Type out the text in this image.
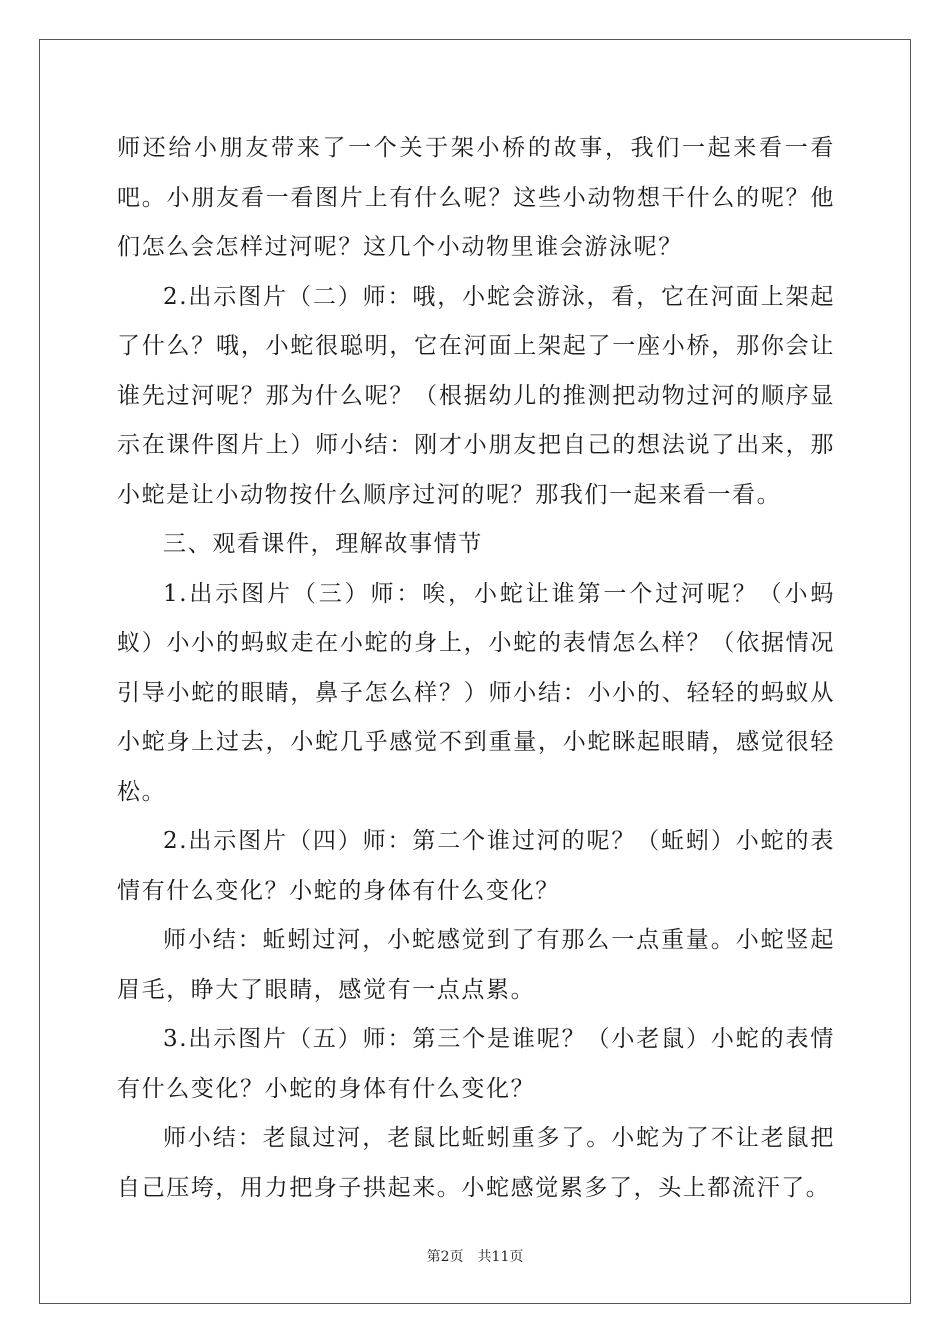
师还给小朋友带来了一个关于架小桥的故事，我们一起来看一看吧。小朋友看一看图片上有什么呢？这些小动物想干什么的呢？他们怎么会怎样过河呢？这几个小动物里谁会游泳呢？

2.出示图片（二）师：哦，小蛇会游泳，看，它在河面上架起了什么？哦，小蛇很聪明，它在河面上架起了一座小桥，那你会让谁先过河呢？那为什么呢？（根据幼儿的推测把动物过河的顺序显示在课件图片上）师小结：刚才小朋友把自己的想法说了出来，那小蛇是让小动物按什么顺序过河的呢？那我们一起来看一看。

三、观看课件，理解故事情节

1.出示图片（三）师：唉，小蛇让谁第一个过河呢？（小蚂蚁）小小的蚂蚁走在小蛇的身上，小蛇的表情怎么样？（依据情况引导小蛇的眼睛，鼻子怎么样？）师小结：小小的、轻轻的蚂蚁从小蛇身上过去，小蛇几乎感觉不到重量，小蛇眯起眼睛，感觉很轻松。

2.出示图片（四）师：第二个谁过河的呢？（蚯蚓）小蛇的表情有什么变化？小蛇的身体有什么变化？

师小结：蚯蚓过河，小蛇感觉到了有那么一点重量。小蛇竖起眉毛，睁大了眼睛，感觉有一点点累。

3.出示图片（五）师：第三个是谁呢？（小老鼠）小蛇的表情有什么变化？小蛇的身体有什么变化？

师小结：老鼠过河，老鼠比蚯蚓重多了。小蛇为了不让老鼠把自己压垮，用力把身子拱起来。小蛇感觉累多了，头上都流汗了。

第2页　共11页
